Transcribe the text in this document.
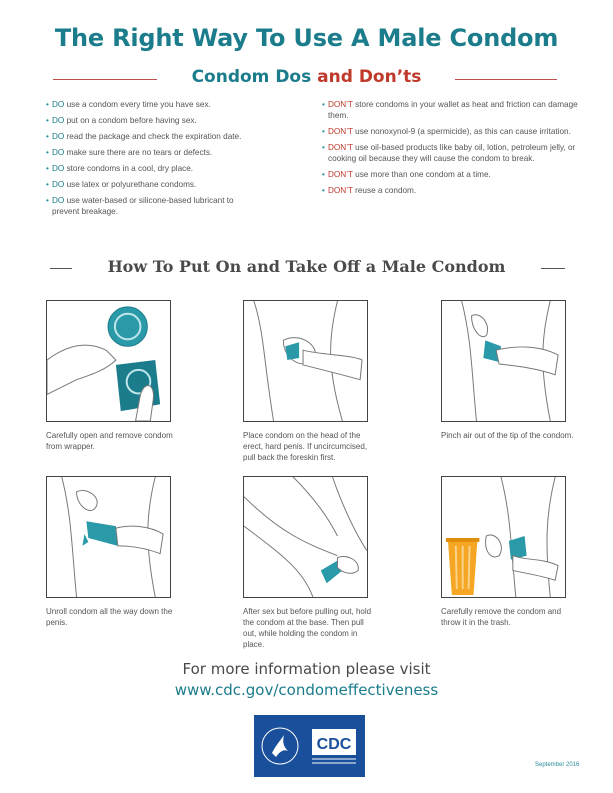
The Right Way To Use A Male Condom
Condom Dos and Don’ts
• DO use a condom every time you have sex.
• DO put on a condom before having sex.
• DO read the package and check the expiration date.
• DO make sure there are no tears or defects.
• DO store condoms in a cool, dry place.
• DO use latex or polyurethane condoms.
• DO use water-based or silicone-based lubricant to prevent breakage.
• DON’T store condoms in your wallet as heat and friction can damage them.
• DON’T use nonoxynol-9 (a spermicide), as this can cause irritation.
• DON’T use oil-based products like baby oil, lotion, petroleum jelly, or cooking oil because they will cause the condom to break.
• DON’T use more than one condom at a time.
• DON’T reuse a condom.
How To Put On and Take Off a Male Condom
Carefully open and remove condom from wrapper.
Place condom on the head of the erect, hard penis. If uncircumcised, pull back the foreskin first.
Pinch air out of the tip of the condom.
Unroll condom all the way down the penis.
After sex but before pulling out, hold the condom at the base. Then pull out, while holding the condom in place.
Carefully remove the condom and throw it in the trash.
For more information please visit
www.cdc.gov/condomeffectiveness
CDC
September 2016
